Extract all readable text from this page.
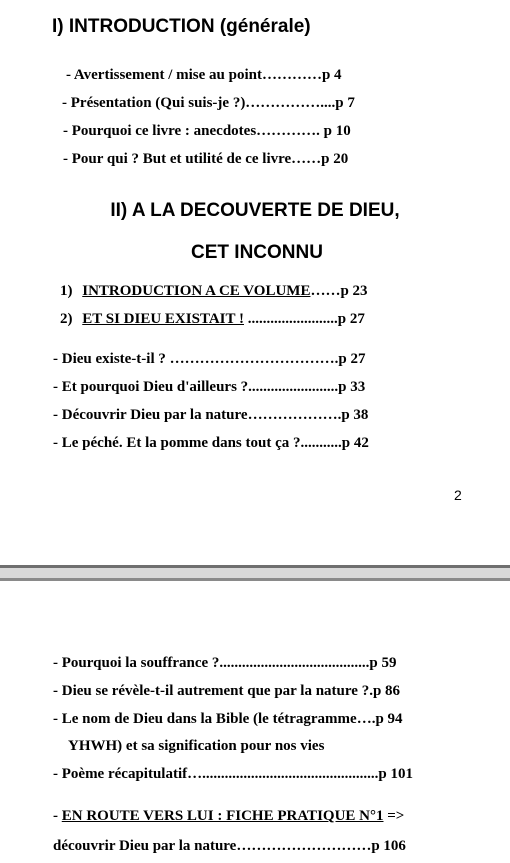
I) INTRODUCTION (générale)
- Avertissement / mise au point…………p 4
- Présentation (Qui suis-je ?)……………....p 7
- Pourquoi ce livre : anecdotes…………. p 10
- Pour qui ? But et utilité de ce livre……p 20
II) A LA DECOUVERTE DE DIEU,
CET INCONNU
1) INTRODUCTION A CE VOLUME……p 23
2) ET SI DIEU EXISTAIT ! ........................p 27
- Dieu existe-t-il ? …………………………….p 27
- Et pourquoi Dieu d'ailleurs ?........................p 33
- Découvrir Dieu par la nature……………….p 38
- Le péché. Et la pomme dans tout ça ?...........p 42
2
- Pourquoi la souffrance ?........................................p 59
- Dieu se révèle-t-il autrement que par la nature ?.p 86
- Le nom de Dieu dans la Bible (le tétragramme….p 94
YHWH) et sa signification pour nos vies
- Poème récapitulatif…...............................................p 101
- EN ROUTE VERS LUI : FICHE PRATIQUE N°1 =>
découvrir Dieu par la nature………………………p 106
